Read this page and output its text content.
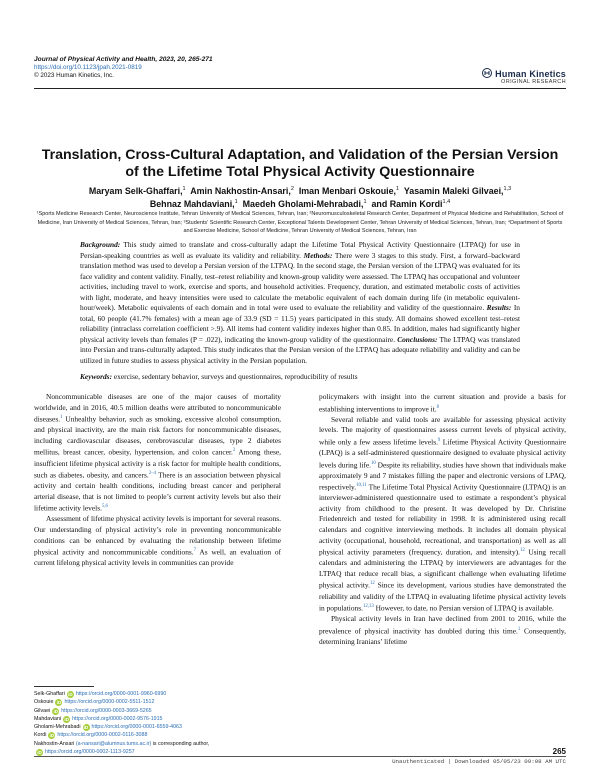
Journal of Physical Activity and Health, 2023, 20, 265-271
https://doi.org/10.1123/jpah.2021-0819
© 2023 Human Kinetics, Inc.	Human Kinetics
ORIGINAL RESEARCH
Translation, Cross-Cultural Adaptation, and Validation of the Persian Version of the Lifetime Total Physical Activity Questionnaire
Maryam Selk-Ghaffari,$^1$ Amin Nakhostin-Ansari,$^2$ Iman Menbari Oskouie,$^1$ Yasamin Maleki Gilvaei,$^{1,3}$
Behnaz Mahdaviani,$^1$ Maedeh Gholami-Mehrabadi,$^1$ and Ramin Kordi$^{1,4}$
¹Sports Medicine Research Center, Neuroscience Institute, Tehran University of Medical Sciences, Tehran, Iran; ²Neuromusculoskeletal Research Center, Department of Physical Medicine and Rehabilitation, School of Medicine, Iran University of Medical Sciences, Tehran, Iran; ³Students’ Scientific Research Center, Exceptional Talents Development Center, Tehran University of Medical Sciences, Tehran, Iran; ⁴Department of Sports and Exercise Medicine, School of Medicine, Tehran University of Medical Sciences, Tehran, Iran
Background: This study aimed to translate and cross-culturally adapt the Lifetime Total Physical Activity Questionnaire (LTPAQ) for use in Persian-speaking countries as well as evaluate its validity and reliability. Methods: There were 3 stages to this study. First, a forward–backward translation method was used to develop a Persian version of the LTPAQ. In the second stage, the Persian version of the LTPAQ was evaluated for its face validity and content validity. Finally, test–retest reliability and known-group validity were assessed. The LTPAQ has occupational and volunteer activities, including travel to work, exercise and sports, and household activities. Frequency, duration, and estimated metabolic costs of activities with light, moderate, and heavy intensities were used to calculate the metabolic equivalent of each domain during life (in metabolic equivalent-hour/week). Metabolic equivalents of each domain and in total were used to evaluate the reliability and validity of the questionnaire. Results: In total, 60 people (41.7% females) with a mean age of 33.9 (SD = 11.5) years participated in this study. All domains showed excellent test–retest reliability (intraclass correlation coefficient >.9). All items had content validity indexes higher than 0.85. In addition, males had significantly higher physical activity levels than females (P = .022), indicating the known-group validity of the questionnaire. Conclusions: The LTPAQ was translated into Persian and trans-culturally adapted. This study indicates that the Persian version of the LTPAQ has adequate reliability and validity and can be utilized in future studies to assess physical activity in the Persian population.
Keywords: exercise, sedentary behavior, surveys and questionnaires, reproducibility of results

Noncommunicable diseases are one of the major causes of mortality worldwide, and in 2016, 40.5 million deaths were attributed to noncommunicable diseases.$^1$ Unhealthy behavior, such as smoking, excessive alcohol consumption, and physical inactivity, are the main risk factors for noncommunicable diseases, including cardiovascular diseases, cerebrovascular diseases, type 2 diabetes mellitus, breast cancer, obesity, hypertension, and colon cancer.$^2$ Among these, insufficient lifetime physical activity is a risk factor for multiple health conditions, such as diabetes, obesity, and cancers.$^{2-4}$ There is an association between physical activity and certain health conditions, including breast cancer and peripheral arterial disease, that is not limited to people’s current activity levels but also their lifetime activity levels.$^{5,6}$

Assessment of lifetime physical activity levels is important for several reasons. Our understanding of physical activity’s role in preventing noncommunicable conditions can be enhanced by evaluating the relationship between lifetime physical activity and noncommunicable conditions.$^7$ As well, an evaluation of current lifelong physical activity levels in communities can provide

Selk-Ghaffari iD https://orcid.org/0000-0001-9960-6990
Oskouie iD https://orcid.org/0000-0002-5511-1512
Gilvaei iD https://orcid.org/0000-0003-3669-5265
Mahdaviani iD https://orcid.org/0000-0002-9576-1915
Gholami-Mehrabadi iD https://orcid.org/0000-0001-6559-4063
Kordi iD https://orcid.org/0000-0002-0116-3088
Nakhostin-Ansari (a-nansari@alumnus.tums.ac.ir) is corresponding author,
iD https://orcid.org/0000-0002-1113-9257

policymakers with insight into the current situation and provide a basis for establishing interventions to improve it.$^8$

Several reliable and valid tools are available for assessing physical activity levels. The majority of questionnaires assess current levels of physical activity, while only a few assess lifetime levels.$^9$ Lifetime Physical Activity Questionnaire (LPAQ) is a self-administered questionnaire designed to evaluate physical activity levels during life.$^{10}$ Despite its reliability, studies have shown that individuals make approximately 9 and 7 mistakes filling the paper and electronic versions of LPAQ, respectively.$^{10,11}$ The Lifetime Total Physical Activity Questionnaire (LTPAQ) is an interviewer-administered questionnaire used to estimate a respondent’s physical activity from childhood to the present. It was developed by Dr. Christine Friedenreich and tested for reliability in 1998. It is administered using recall calendars and cognitive interviewing methods. It includes all domain physical activity (occupational, household, recreational, and transportation) as well as all physical activity parameters (frequency, duration, and intensity).$^{12}$ Using recall calendars and administering the LTPAQ by interviewers are advantages for the LTPAQ that reduce recall bias, a significant challenge when evaluating lifetime physical activity.$^{12}$ Since its development, various studies have demonstrated the reliability and validity of the LTPAQ in evaluating lifetime physical activity levels in populations.$^{12,13}$ However, to date, no Persian version of LTPAQ is available.

Physical activity levels in Iran have declined from 2001 to 2016, while the prevalence of physical inactivity has doubled during this time.$^1$ Consequently, determining Iranians’ lifetime

265
Unauthenticated | Downloaded 05/05/23 09:08 AM UTC
